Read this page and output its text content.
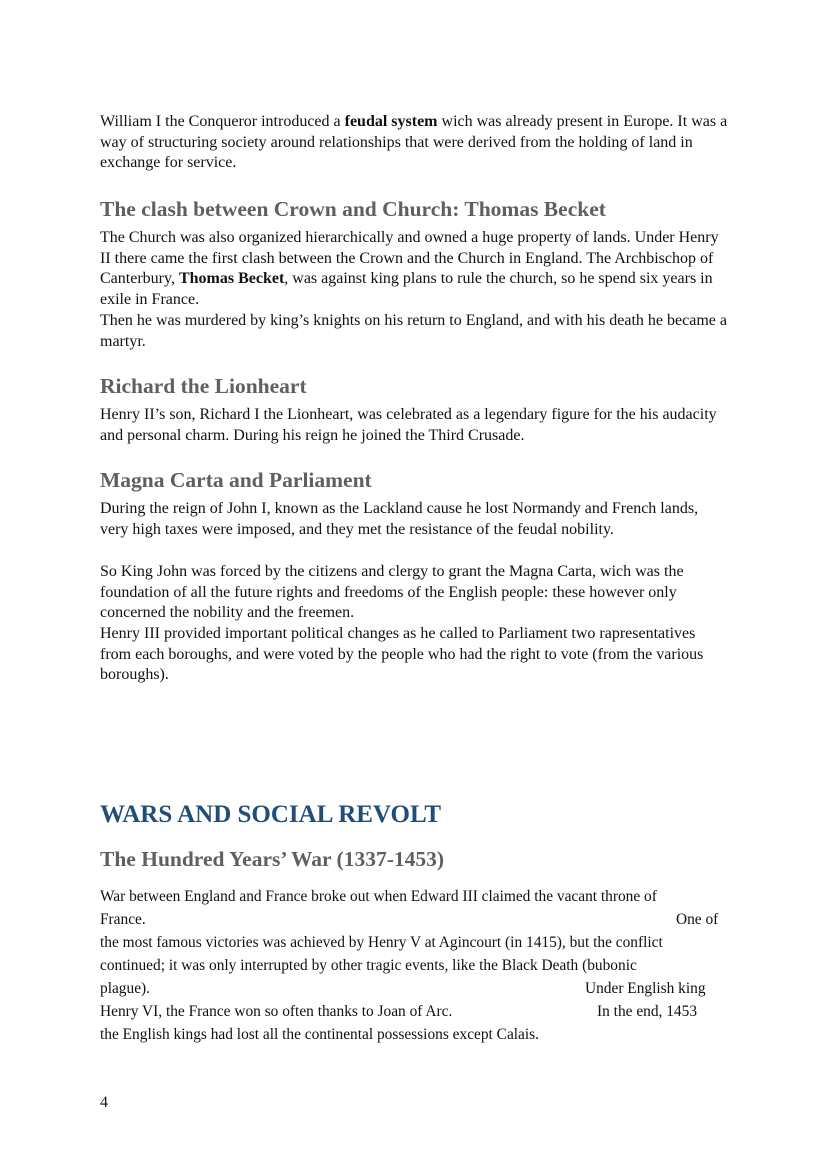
William I the Conqueror introduced a feudal system wich was already present in Europe. It was a way of structuring society around relationships that were derived from the holding of land in exchange for service.

The clash between Crown and Church: Thomas Becket

The Church was also organized hierarchically and owned a huge property of lands. Under Henry II there came the first clash between the Crown and the Church in England. The Archbischop of Canterbury, Thomas Becket, was against king plans to rule the church, so he spend six years in exile in France.

Then he was murdered by king’s knights on his return to England, and with his death he became a martyr.

Richard the Lionheart

Henry II’s son, Richard I the Lionheart, was celebrated as a legendary figure for the his audacity and personal charm. During his reign he joined the Third Crusade.

Magna Carta and Parliament

During the reign of John I, known as the Lackland cause he lost Normandy and French lands, very high taxes were imposed, and they met the resistance of the feudal nobility.

So King John was forced by the citizens and clergy to grant the Magna Carta, wich was the foundation of all the future rights and freedoms of the English people: these however only concerned the nobility and the freemen.

Henry III provided important political changes as he called to Parliament two rapresentatives from each boroughs, and were voted by the people who had the right to vote (from the various boroughs).

WARS AND SOCIAL REVOLT
The Hundred Years’ War (1337-1453)

War between England and France broke out when Edward III claimed the vacant throne of

France.	One of

the most famous victories was achieved by Henry V at Agincourt (in 1415), but the conflict

continued; it was only interrupted by other tragic events, like the Black Death (bubonic

plague).	Under English king

Henry VI, the France won so often thanks to Joan of Arc.	In the end, 1453

the English kings had lost all the continental possessions except Calais.

4
